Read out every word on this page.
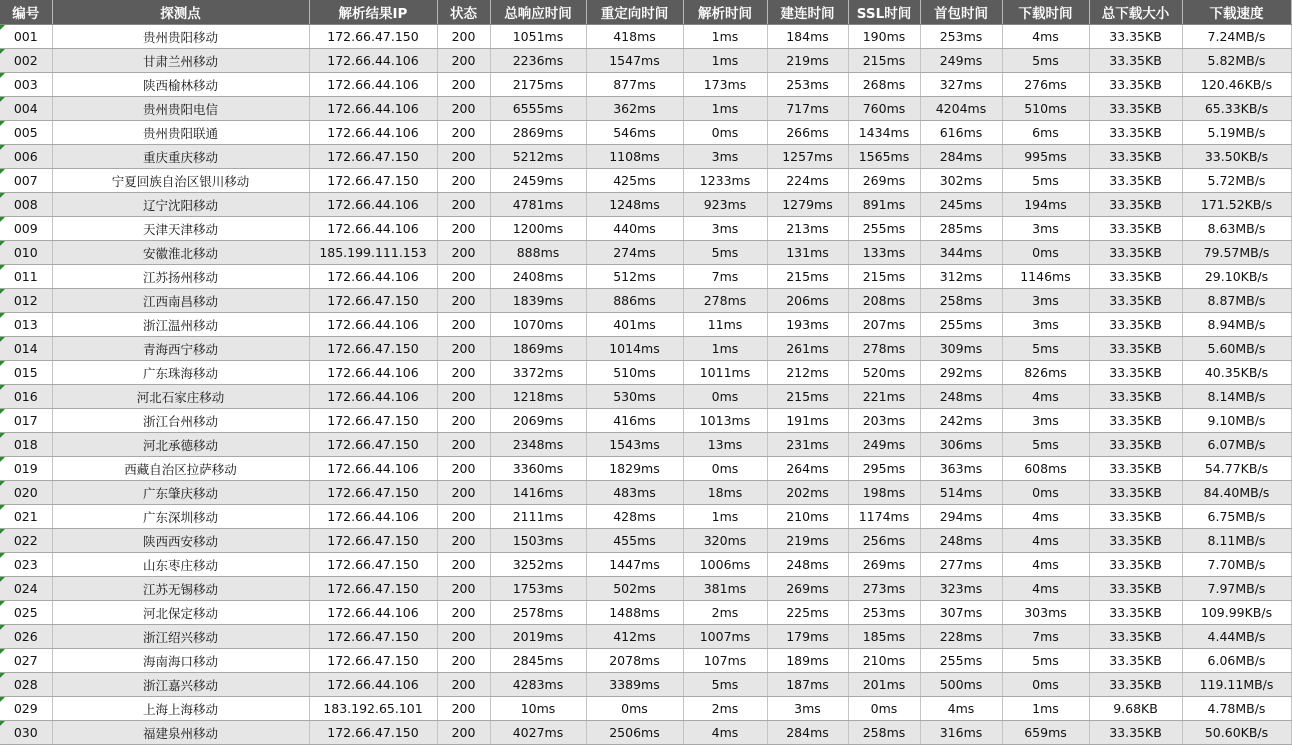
编号	探测点	解析结果IP	状态	总响应时间	重定向时间	解析时间	建连时间	SSL时间	首包时间	下载时间	总下载大小	下载速度
001	贵州贵阳移动	172.66.47.150	200	1051ms	418ms	1ms	184ms	190ms	253ms	4ms	33.35KB	7.24MB/s
002	甘肃兰州移动	172.66.44.106	200	2236ms	1547ms	1ms	219ms	215ms	249ms	5ms	33.35KB	5.82MB/s
003	陕西榆林移动	172.66.44.106	200	2175ms	877ms	173ms	253ms	268ms	327ms	276ms	33.35KB	120.46KB/s
004	贵州贵阳电信	172.66.44.106	200	6555ms	362ms	1ms	717ms	760ms	4204ms	510ms	33.35KB	65.33KB/s
005	贵州贵阳联通	172.66.44.106	200	2869ms	546ms	0ms	266ms	1434ms	616ms	6ms	33.35KB	5.19MB/s
006	重庆重庆移动	172.66.47.150	200	5212ms	1108ms	3ms	1257ms	1565ms	284ms	995ms	33.35KB	33.50KB/s
007	宁夏回族自治区银川移动	172.66.47.150	200	2459ms	425ms	1233ms	224ms	269ms	302ms	5ms	33.35KB	5.72MB/s
008	辽宁沈阳移动	172.66.44.106	200	4781ms	1248ms	923ms	1279ms	891ms	245ms	194ms	33.35KB	171.52KB/s
009	天津天津移动	172.66.44.106	200	1200ms	440ms	3ms	213ms	255ms	285ms	3ms	33.35KB	8.63MB/s
010	安徽淮北移动	185.199.111.153	200	888ms	274ms	5ms	131ms	133ms	344ms	0ms	33.35KB	79.57MB/s
011	江苏扬州移动	172.66.44.106	200	2408ms	512ms	7ms	215ms	215ms	312ms	1146ms	33.35KB	29.10KB/s
012	江西南昌移动	172.66.47.150	200	1839ms	886ms	278ms	206ms	208ms	258ms	3ms	33.35KB	8.87MB/s
013	浙江温州移动	172.66.44.106	200	1070ms	401ms	11ms	193ms	207ms	255ms	3ms	33.35KB	8.94MB/s
014	青海西宁移动	172.66.47.150	200	1869ms	1014ms	1ms	261ms	278ms	309ms	5ms	33.35KB	5.60MB/s
015	广东珠海移动	172.66.44.106	200	3372ms	510ms	1011ms	212ms	520ms	292ms	826ms	33.35KB	40.35KB/s
016	河北石家庄移动	172.66.44.106	200	1218ms	530ms	0ms	215ms	221ms	248ms	4ms	33.35KB	8.14MB/s
017	浙江台州移动	172.66.47.150	200	2069ms	416ms	1013ms	191ms	203ms	242ms	3ms	33.35KB	9.10MB/s
018	河北承德移动	172.66.47.150	200	2348ms	1543ms	13ms	231ms	249ms	306ms	5ms	33.35KB	6.07MB/s
019	西藏自治区拉萨移动	172.66.44.106	200	3360ms	1829ms	0ms	264ms	295ms	363ms	608ms	33.35KB	54.77KB/s
020	广东肇庆移动	172.66.47.150	200	1416ms	483ms	18ms	202ms	198ms	514ms	0ms	33.35KB	84.40MB/s
021	广东深圳移动	172.66.44.106	200	2111ms	428ms	1ms	210ms	1174ms	294ms	4ms	33.35KB	6.75MB/s
022	陕西西安移动	172.66.47.150	200	1503ms	455ms	320ms	219ms	256ms	248ms	4ms	33.35KB	8.11MB/s
023	山东枣庄移动	172.66.47.150	200	3252ms	1447ms	1006ms	248ms	269ms	277ms	4ms	33.35KB	7.70MB/s
024	江苏无锡移动	172.66.47.150	200	1753ms	502ms	381ms	269ms	273ms	323ms	4ms	33.35KB	7.97MB/s
025	河北保定移动	172.66.44.106	200	2578ms	1488ms	2ms	225ms	253ms	307ms	303ms	33.35KB	109.99KB/s
026	浙江绍兴移动	172.66.47.150	200	2019ms	412ms	1007ms	179ms	185ms	228ms	7ms	33.35KB	4.44MB/s
027	海南海口移动	172.66.47.150	200	2845ms	2078ms	107ms	189ms	210ms	255ms	5ms	33.35KB	6.06MB/s
028	浙江嘉兴移动	172.66.44.106	200	4283ms	3389ms	5ms	187ms	201ms	500ms	0ms	33.35KB	119.11MB/s
029	上海上海移动	183.192.65.101	200	10ms	0ms	2ms	3ms	0ms	4ms	1ms	9.68KB	4.78MB/s
030	福建泉州移动	172.66.47.150	200	4027ms	2506ms	4ms	284ms	258ms	316ms	659ms	33.35KB	50.60KB/s
